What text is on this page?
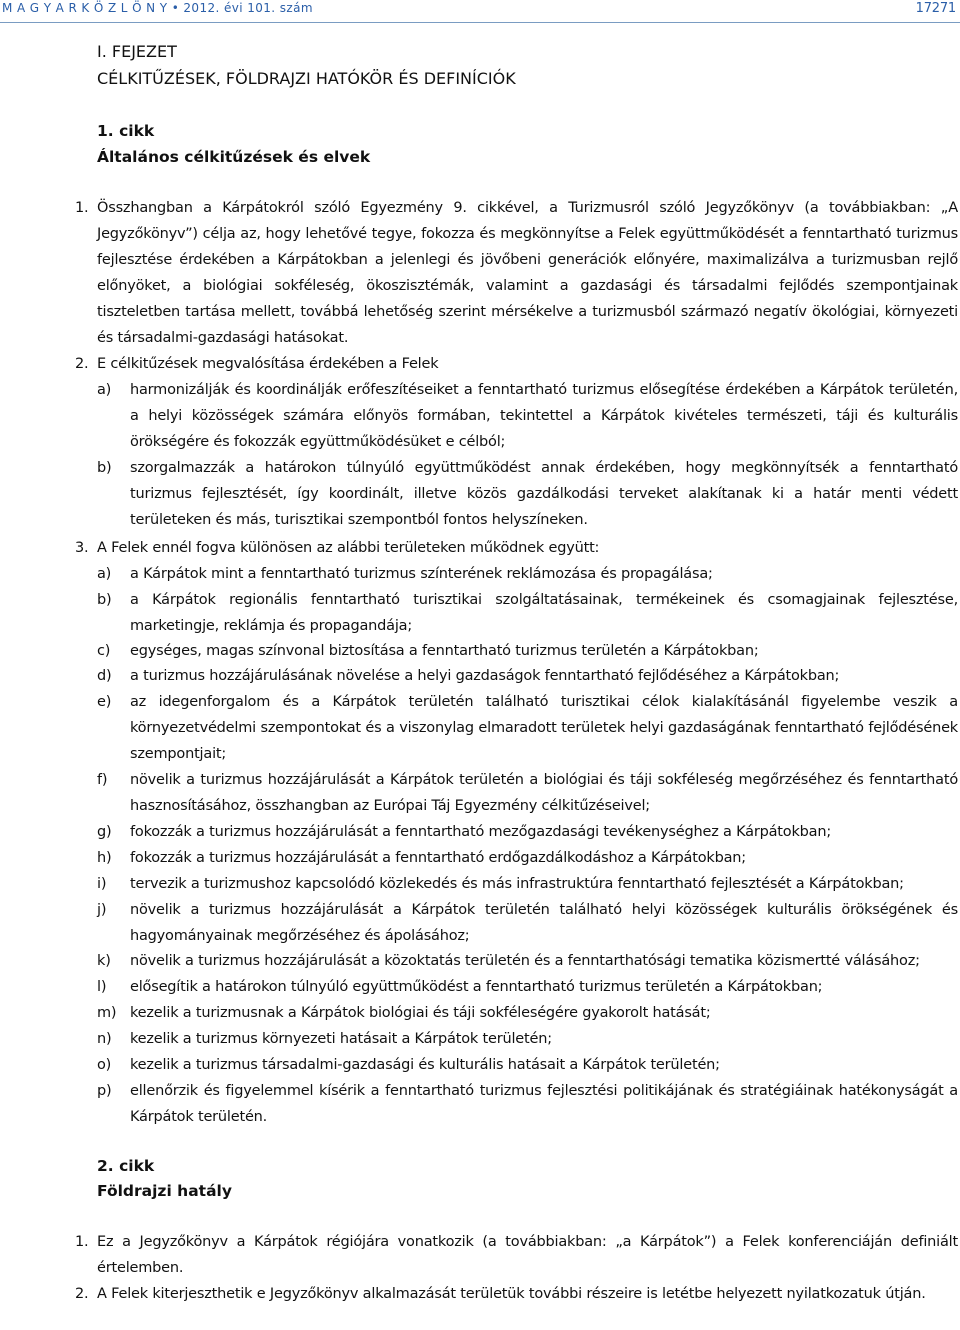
M A G Y A R K Ö Z L Ö N Y • 2012. évi 101. szám	17271
I. FEJEZET
CÉLKITŰZÉSEK, FÖLDRAJZI HATÓKÖR ÉS DEFINÍCIÓK
1. cikk
Általános célkitűzések és elvek
1. Összhangban a Kárpátokról szóló Egyezmény 9. cikkével, a Turizmusról szóló Jegyzőkönyv (a továbbiakban: „A Jegyzőkönyv”) célja az, hogy lehetővé tegye, fokozza és megkönnyítse a Felek együttműködését a fenntartható turizmus fejlesztése érdekében a Kárpátokban a jelenlegi és jövőbeni generációk előnyére, maximalizálva a turizmusban rejlő előnyöket, a biológiai sokféleség, ökoszisztémák, valamint a gazdasági és társadalmi fejlődés szempontjainak tiszteletben tartása mellett, továbbá lehetőség szerint mérsékelve a turizmusból származó negatív ökológiai, környezeti és társadalmi-gazdasági hatásokat.
2. E célkitűzések megvalósítása érdekében a Felek
a) harmonizálják és koordinálják erőfeszítéseiket a fenntartható turizmus elősegítése érdekében a Kárpátok területén, a helyi közösségek számára előnyös formában, tekintettel a Kárpátok kivételes természeti, táji és kulturális örökségére és fokozzák együttműködésüket e célból;
b) szorgalmazzák a határokon túlnyúló együttműködést annak érdekében, hogy megkönnyítsék a fenntartható turizmus fejlesztését, így koordinált, illetve közös gazdálkodási terveket alakítanak ki a határ menti védett területeken és más, turisztikai szempontból fontos helyszíneken.
3. A Felek ennél fogva különösen az alábbi területeken működnek együtt:
a) a Kárpátok mint a fenntartható turizmus színterének reklámozása és propagálása;
b) a Kárpátok regionális fenntartható turisztikai szolgáltatásainak, termékeinek és csomagjainak fejlesztése, marketingje, reklámja és propagandája;
c) egységes, magas színvonal biztosítása a fenntartható turizmus területén a Kárpátokban;
d) a turizmus hozzájárulásának növelése a helyi gazdaságok fenntartható fejlődéséhez a Kárpátokban;
e) az idegenforgalom és a Kárpátok területén található turisztikai célok kialakításánál figyelembe veszik a környezetvédelmi szempontokat és a viszonylag elmaradott területek helyi gazdaságának fenntartható fejlődésének szempontjait;
f) növelik a turizmus hozzájárulását a Kárpátok területén a biológiai és táji sokféleség megőrzéséhez és fenntartható hasznosításához, összhangban az Európai Táj Egyezmény célkitűzéseivel;
g) fokozzák a turizmus hozzájárulását a fenntartható mezőgazdasági tevékenységhez a Kárpátokban;
h) fokozzák a turizmus hozzájárulását a fenntartható erdőgazdálkodáshoz a Kárpátokban;
i) tervezik a turizmushoz kapcsolódó közlekedés és más infrastruktúra fenntartható fejlesztését a Kárpátokban;
j) növelik a turizmus hozzájárulását a Kárpátok területén található helyi közösségek kulturális örökségének és hagyományainak megőrzéséhez és ápolásához;
k) növelik a turizmus hozzájárulását a közoktatás területén és a fenntarthatósági tematika közismertté válásához;
l) elősegítik a határokon túlnyúló együttműködést a fenntartható turizmus területén a Kárpátokban;
m) kezelik a turizmusnak a Kárpátok biológiai és táji sokféleségére gyakorolt hatását;
n) kezelik a turizmus környezeti hatásait a Kárpátok területén;
o) kezelik a turizmus társadalmi-gazdasági és kulturális hatásait a Kárpátok területén;
p) ellenőrzik és figyelemmel kísérik a fenntartható turizmus fejlesztési politikájának és stratégiáinak hatékonyságát a Kárpátok területén.
2. cikk
Földrajzi hatály
1. Ez a Jegyzőkönyv a Kárpátok régiójára vonatkozik (a továbbiakban: „a Kárpátok”) a Felek konferenciáján definiált értelemben.
2. A Felek kiterjeszthetik e Jegyzőkönyv alkalmazását területük további részeire is letétbe helyezett nyilatkozatuk útján.
